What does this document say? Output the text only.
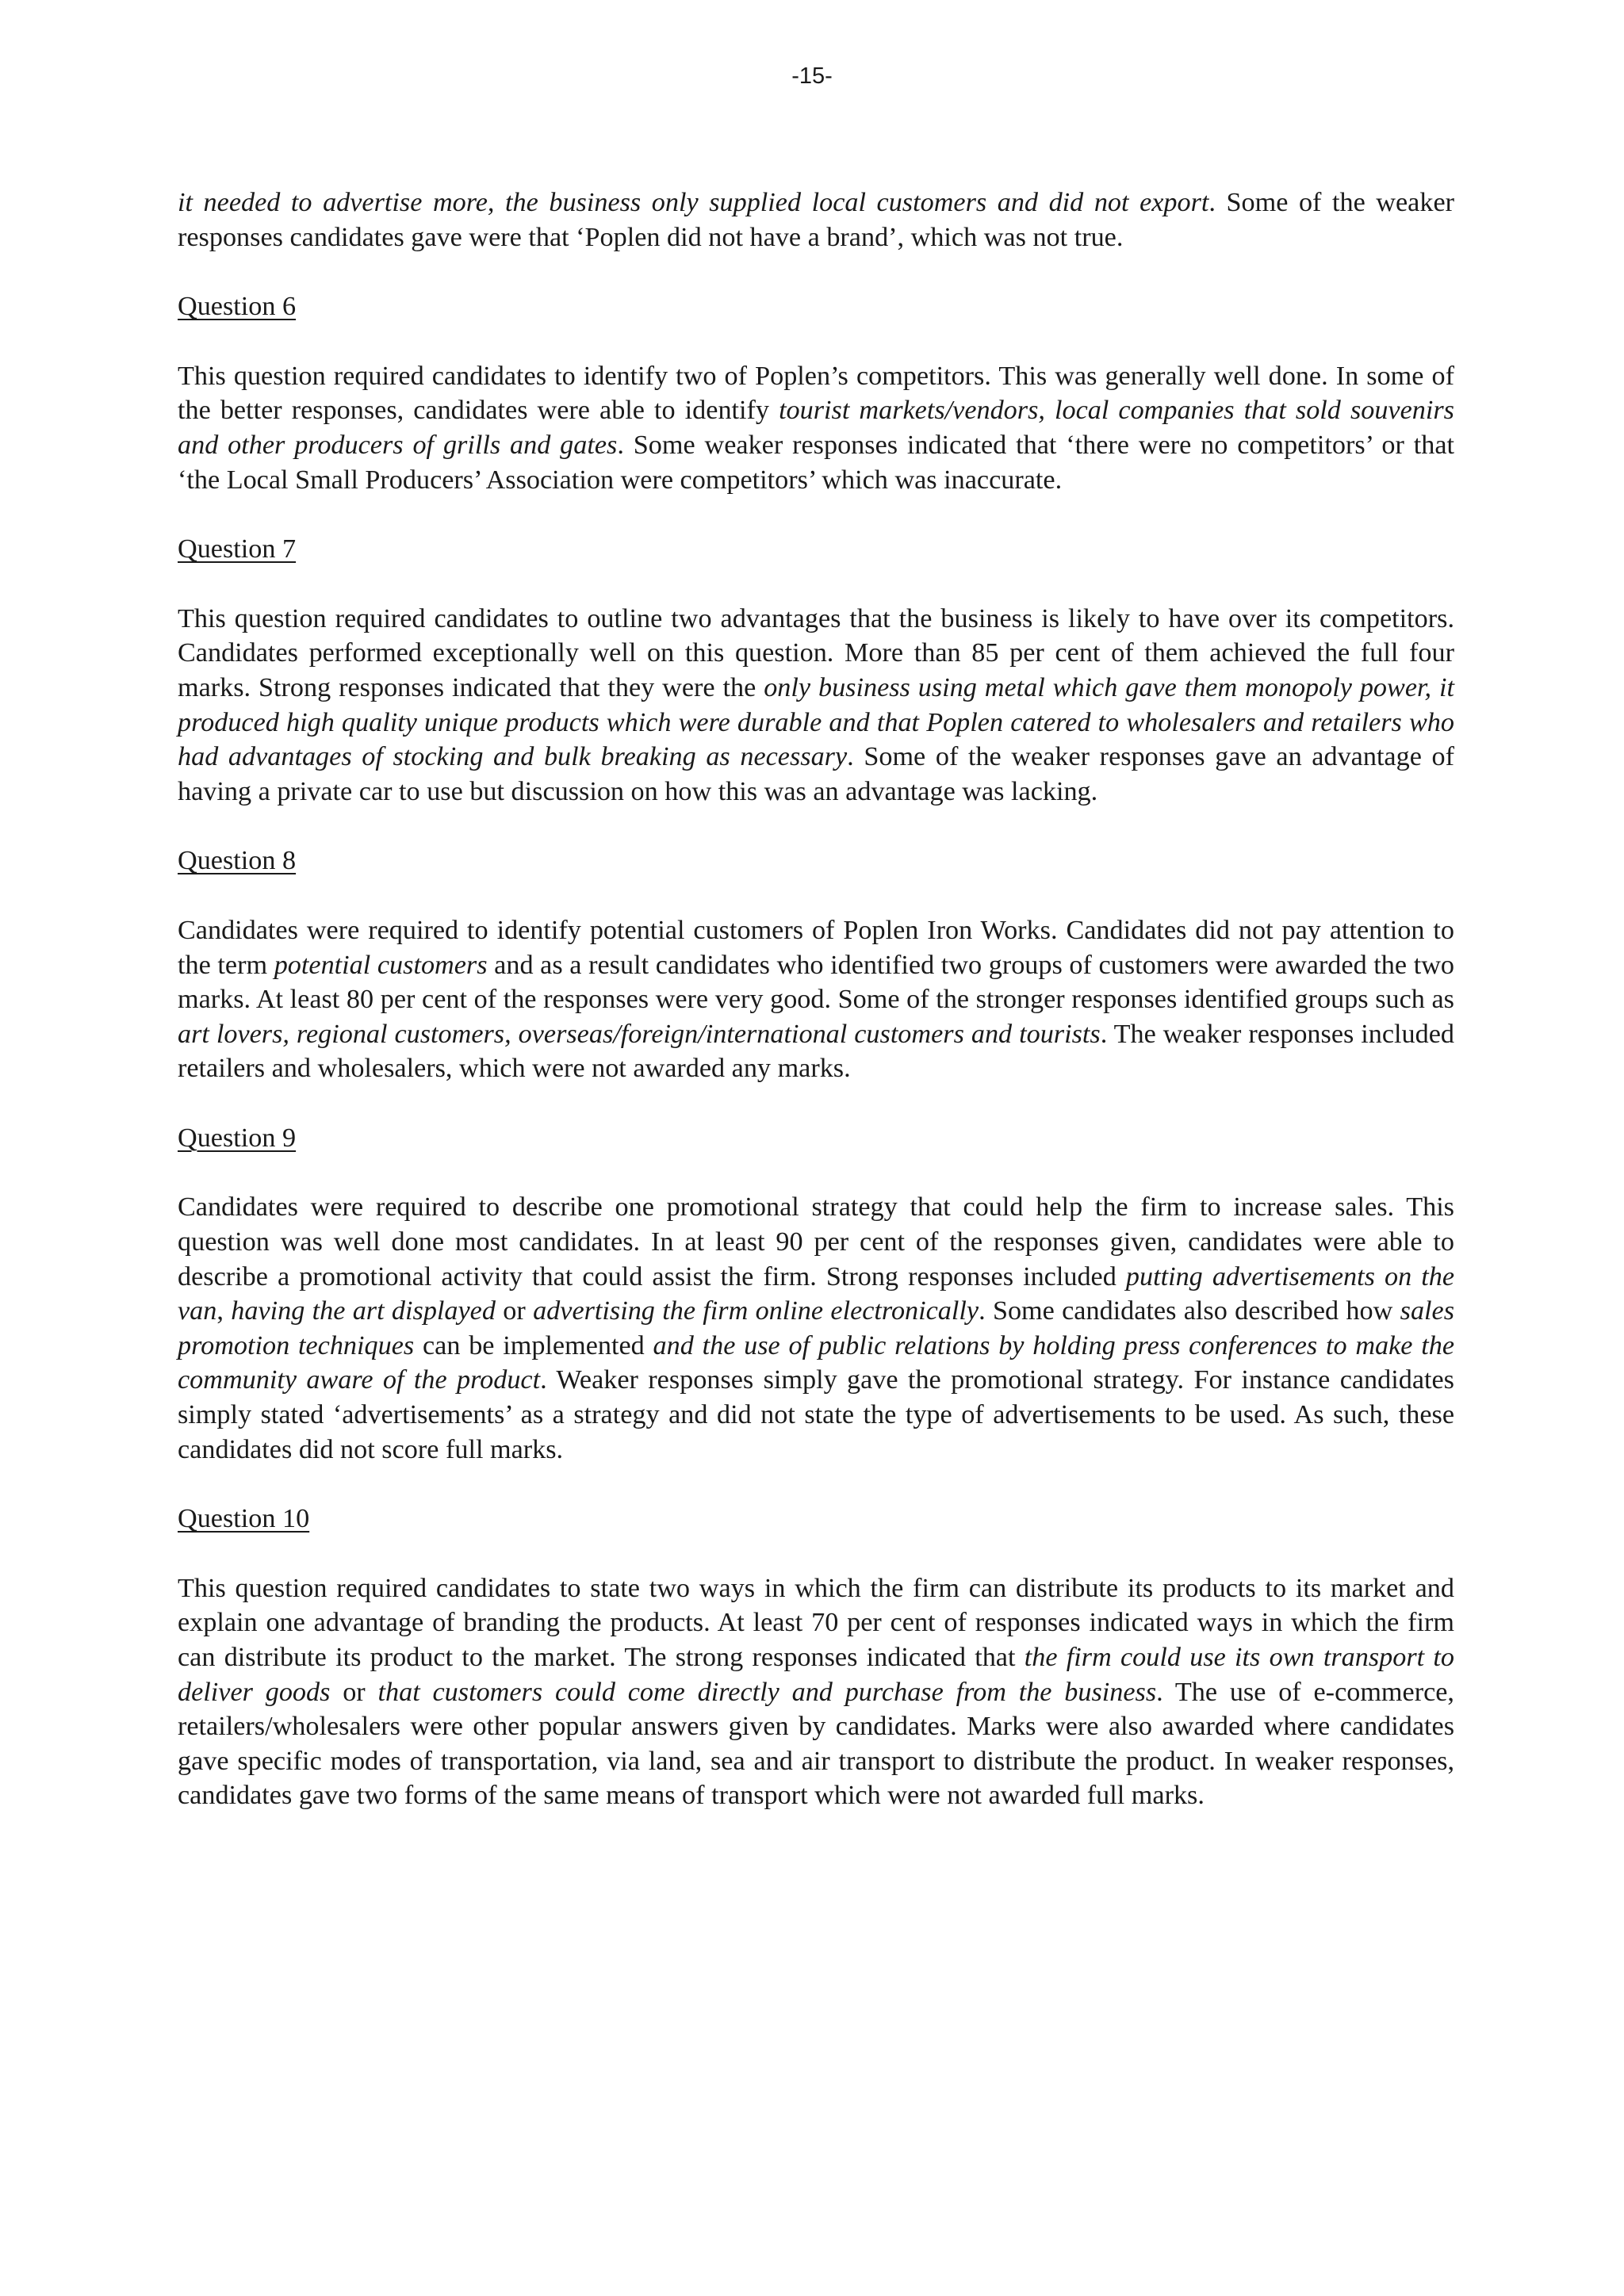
-15-

it needed to advertise more, the business only supplied local customers and did not export. Some of the weaker responses candidates gave were that ‘Poplen did not have a brand’, which was not true.

Question 6

This question required candidates to identify two of Poplen’s competitors. This was generally well done. In some of the better responses, candidates were able to identify tourist markets/vendors, local companies that sold souvenirs and other producers of grills and gates. Some weaker responses indicated that ‘there were no competitors’ or that ‘the Local Small Producers’ Association were competitors’ which was inaccurate.

Question 7

This question required candidates to outline two advantages that the business is likely to have over its competitors. Candidates performed exceptionally well on this question. More than 85 per cent of them achieved the full four marks. Strong responses indicated that they were the only business using metal which gave them monopoly power, it produced high quality unique products which were durable and that Poplen catered to wholesalers and retailers who had advantages of stocking and bulk breaking as necessary. Some of the weaker responses gave an advantage of having a private car to use but discussion on how this was an advantage was lacking.

Question 8

Candidates were required to identify potential customers of Poplen Iron Works. Candidates did not pay attention to the term potential customers and as a result candidates who identified two groups of customers were awarded the two marks. At least 80 per cent of the responses were very good. Some of the stronger responses identified groups such as art lovers, regional customers, overseas/foreign/international customers and tourists. The weaker responses included retailers and wholesalers, which were not awarded any marks.

Question 9

Candidates were required to describe one promotional strategy that could help the firm to increase sales. This question was well done most candidates. In at least 90 per cent of the responses given, candidates were able to describe a promotional activity that could assist the firm. Strong responses included putting advertisements on the van, having the art displayed or advertising the firm online electronically. Some candidates also described how sales promotion techniques can be implemented and the use of public relations by holding press conferences to make the community aware of the product. Weaker responses simply gave the promotional strategy. For instance candidates simply stated ‘advertisements’ as a strategy and did not state the type of advertisements to be used. As such, these candidates did not score full marks.

Question 10

This question required candidates to state two ways in which the firm can distribute its products to its market and explain one advantage of branding the products. At least 70 per cent of responses indicated ways in which the firm can distribute its product to the market. The strong responses indicated that the firm could use its own transport to deliver goods or that customers could come directly and purchase from the business. The use of e-commerce, retailers/wholesalers were other popular answers given by candidates. Marks were also awarded where candidates gave specific modes of transportation, via land, sea and air transport to distribute the product. In weaker responses, candidates gave two forms of the same means of transport which were not awarded full marks.
